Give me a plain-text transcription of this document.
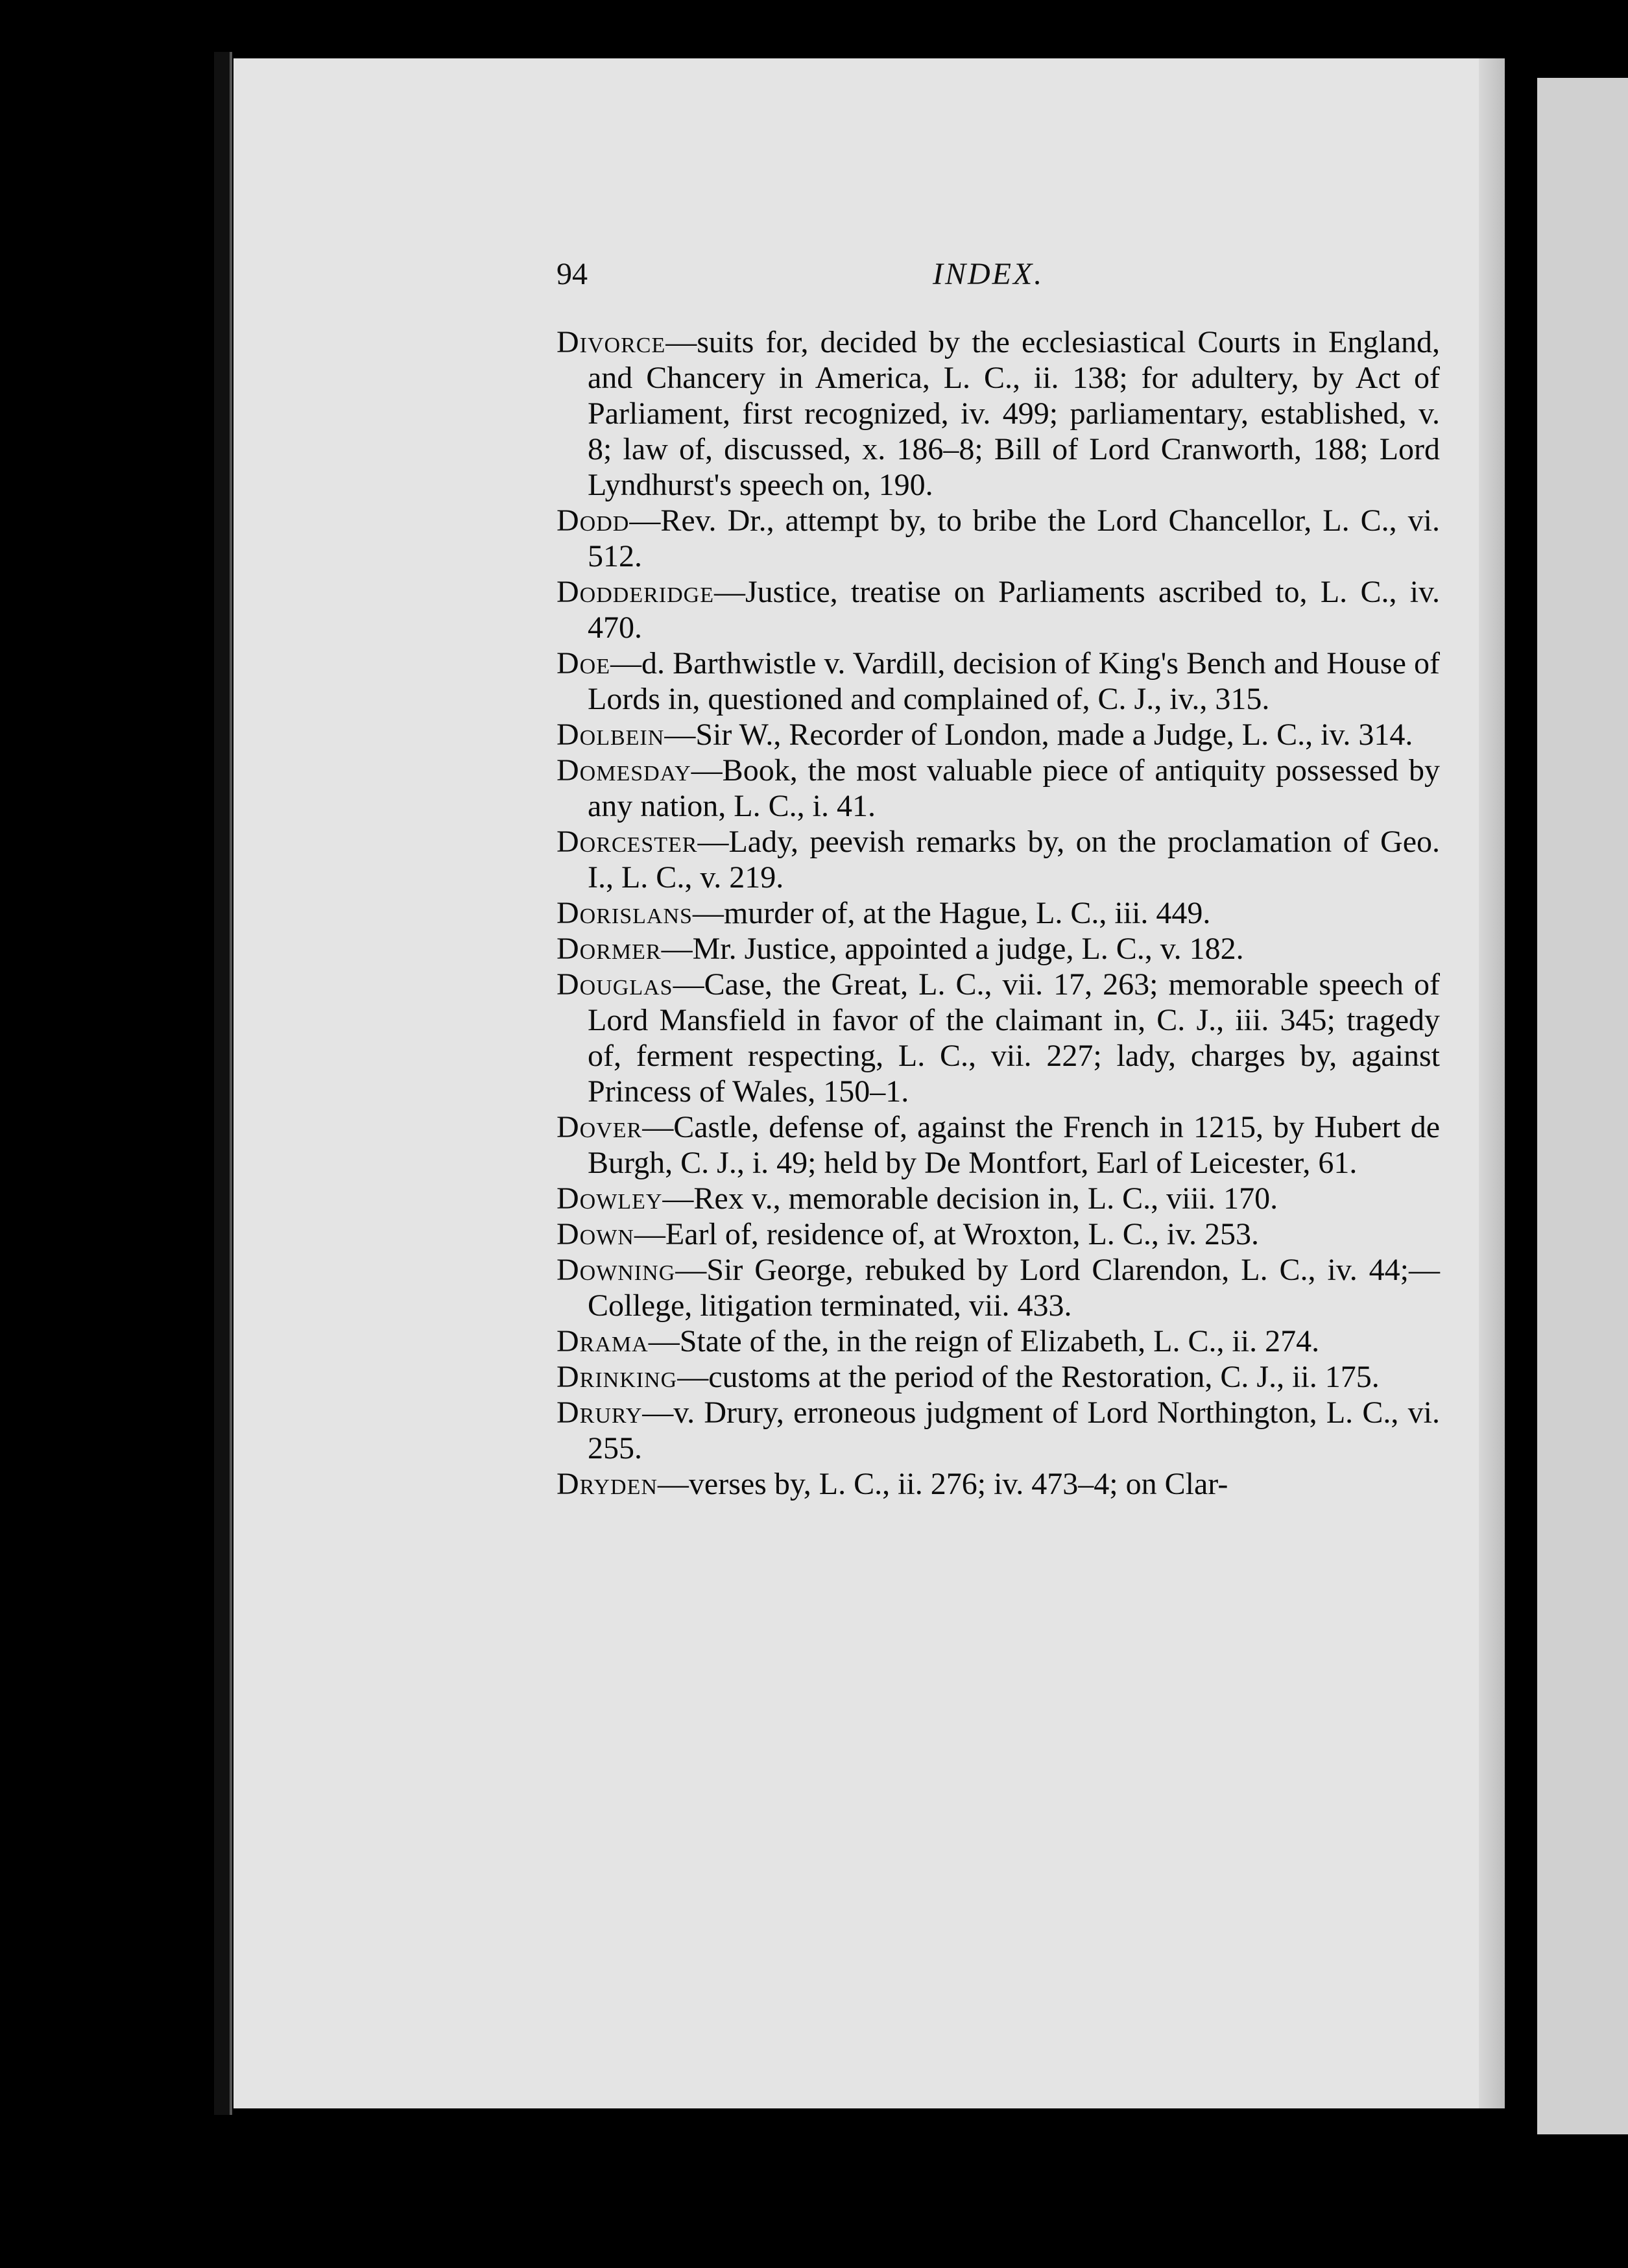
94	INDEX.

Divorce—suits for, decided by the ecclesiastical Courts in England, and Chancery in America, L. C., ii. 138; for adultery, by Act of Parliament, first recognized, iv. 499; parliamentary, established, v. 8; law of, discussed, x. 186–8; Bill of Lord Cranworth, 188; Lord Lyndhurst's speech on, 190.

Dodd—Rev. Dr., attempt by, to bribe the Lord Chancellor, L. C., vi. 512.

Dodderidge—Justice, treatise on Parliaments ascribed to, L. C., iv. 470.

Doe—d. Barthwistle v. Vardill, decision of King's Bench and House of Lords in, questioned and complained of, C. J., iv., 315.

Dolbein—Sir W., Recorder of London, made a Judge, L. C., iv. 314.

Domesday—Book, the most valuable piece of antiquity possessed by any nation, L. C., i. 41.

Dorcester—Lady, peevish remarks by, on the proclamation of Geo. I., L. C., v. 219.

Dorislans—murder of, at the Hague, L. C., iii. 449.

Dormer—Mr. Justice, appointed a judge, L. C., v. 182.

Douglas—Case, the Great, L. C., vii. 17, 263; memorable speech of Lord Mansfield in favor of the claimant in, C. J., iii. 345; tragedy of, ferment respecting, L. C., vii. 227; lady, charges by, against Princess of Wales, 150–1.

Dover—Castle, defense of, against the French in 1215, by Hubert de Burgh, C. J., i. 49; held by De Montfort, Earl of Leicester, 61.

Dowley—Rex v., memorable decision in, L. C., viii. 170.

Down—Earl of, residence of, at Wroxton, L. C., iv. 253.

Downing—Sir George, rebuked by Lord Clarendon, L. C., iv. 44;—College, litigation terminated, vii. 433.

Drama—State of the, in the reign of Elizabeth, L. C., ii. 274.

Drinking—customs at the period of the Restoration, C. J., ii. 175.

Drury—v. Drury, erroneous judgment of Lord Northington, L. C., vi. 255.

Dryden—verses by, L. C., ii. 276; iv. 473–4; on Clar-
